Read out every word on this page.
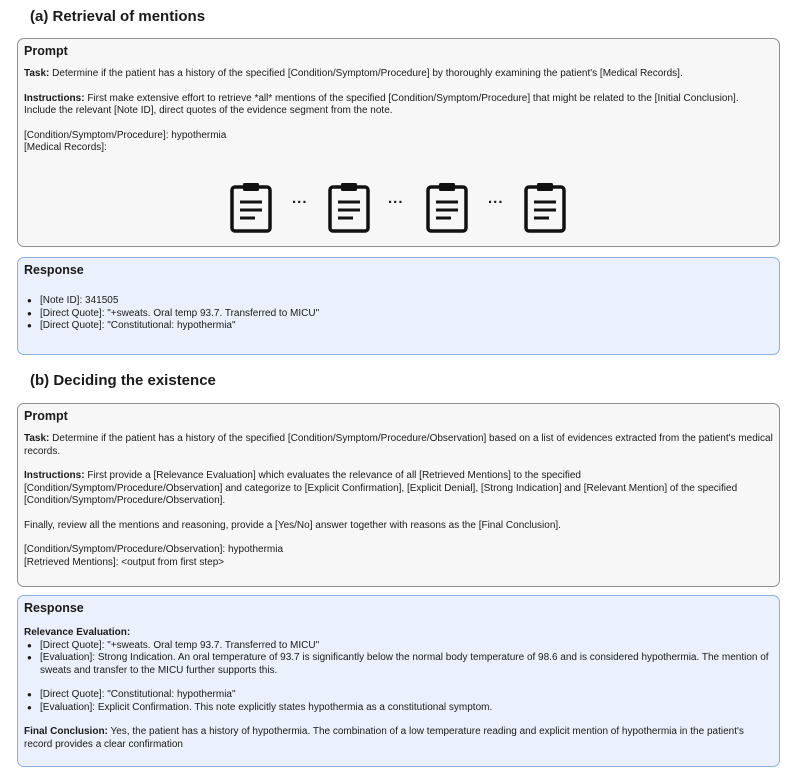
(a) Retrieval of mentions
Prompt

Task: Determine if the patient has a history of the specified [Condition/Symptom/Procedure] by thoroughly examining the patient's [Medical Records].

Instructions: First make extensive effort to retrieve *all* mentions of the specified [Condition/Symptom/Procedure] that might be related to the [Initial Conclusion]. Include the relevant [Note ID], direct quotes of the evidence segment from the note.

[Condition/Symptom/Procedure]: hypothermia

[Medical Records]:

...	...	...
Response
● [Note ID]: 341505
● [Direct Quote]: "+sweats. Oral temp 93.7. Transferred to MICU"
● [Direct Quote]: "Constitutional: hypothermia"
(b) Deciding the existence
Prompt

Task: Determine if the patient has a history of the specified [Condition/Symptom/Procedure/Observation] based on a list of evidences extracted from the patient's medical records.

Instructions: First provide a [Relevance Evaluation] which evaluates the relevance of all [Retrieved Mentions] to the specified [Condition/Symptom/Procedure/Observation] and categorize to [Explicit Confirmation], [Explicit Denial], [Strong Indication] and [Relevant Mention] of the specified [Condition/Symptom/Procedure/Observation].

Finally, review all the mentions and reasoning, provide a [Yes/No] answer together with reasons as the [Final Conclusion].

[Condition/Symptom/Procedure/Observation]: hypothermia

[Retrieved Mentions]: <output from first step>

Response

Relevance Evaluation:

● [Direct Quote]: "+sweats. Oral temp 93.7. Transferred to MICU"
● [Evaluation]: Strong Indication. An oral temperature of 93.7 is significantly below the normal body temperature of 98.6 and is considered hypothermia. The mention of sweats and transfer to the MICU further supports this.
● [Direct Quote]: "Constitutional: hypothermia"
● [Evaluation]: Explicit Confirmation. This note explicitly states hypothermia as a constitutional symptom.

Final Conclusion: Yes, the patient has a history of hypothermia. The combination of a low temperature reading and explicit mention of hypothermia in the patient's record provides a clear confirmation
